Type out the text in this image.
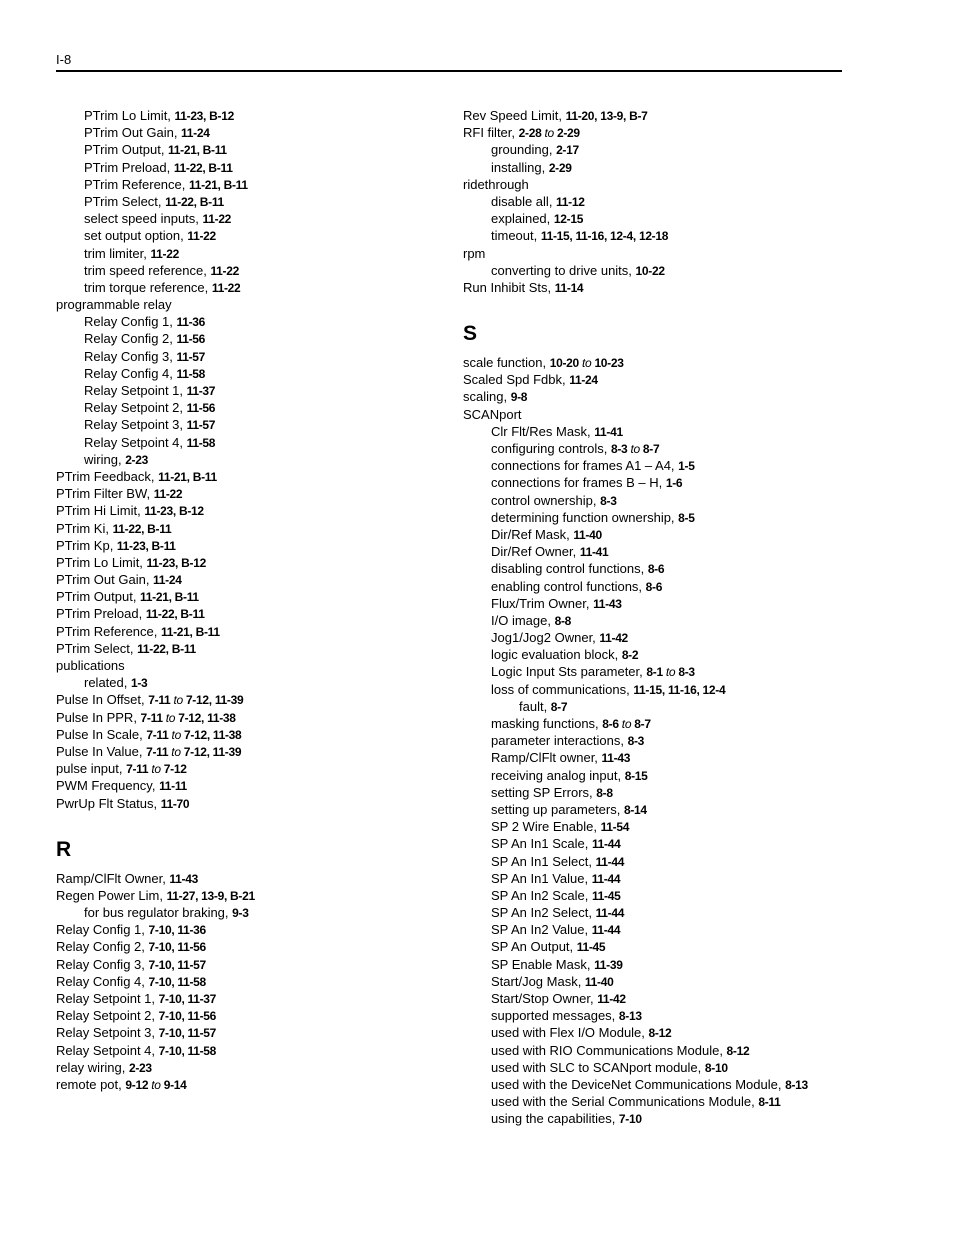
I-8
PTrim Lo Limit, 11-23, B-12
PTrim Out Gain, 11-24
PTrim Output, 11-21, B-11
PTrim Preload, 11-22, B-11
PTrim Reference, 11-21, B-11
PTrim Select, 11-22, B-11
select speed inputs, 11-22
set output option, 11-22
trim limiter, 11-22
trim speed reference, 11-22
trim torque reference, 11-22
programmable relay
Relay Config 1, 11-36
Relay Config 2, 11-56
Relay Config 3, 11-57
Relay Config 4, 11-58
Relay Setpoint 1, 11-37
Relay Setpoint 2, 11-56
Relay Setpoint 3, 11-57
Relay Setpoint 4, 11-58
wiring, 2-23
PTrim Feedback, 11-21, B-11
PTrim Filter BW, 11-22
PTrim Hi Limit, 11-23, B-12
PTrim Ki, 11-22, B-11
PTrim Kp, 11-23, B-11
PTrim Lo Limit, 11-23, B-12
PTrim Out Gain, 11-24
PTrim Output, 11-21, B-11
PTrim Preload, 11-22, B-11
PTrim Reference, 11-21, B-11
PTrim Select, 11-22, B-11
publications
related, 1-3
Pulse In Offset, 7-11 to 7-12, 11-39
Pulse In PPR, 7-11 to 7-12, 11-38
Pulse In Scale, 7-11 to 7-12, 11-38
Pulse In Value, 7-11 to 7-12, 11-39
pulse input, 7-11 to 7-12
PWM Frequency, 11-11
PwrUp Flt Status, 11-70
R
Ramp/ClFlt Owner, 11-43
Regen Power Lim, 11-27, 13-9, B-21
for bus regulator braking, 9-3
Relay Config 1, 7-10, 11-36
Relay Config 2, 7-10, 11-56
Relay Config 3, 7-10, 11-57
Relay Config 4, 7-10, 11-58
Relay Setpoint 1, 7-10, 11-37
Relay Setpoint 2, 7-10, 11-56
Relay Setpoint 3, 7-10, 11-57
Relay Setpoint 4, 7-10, 11-58
relay wiring, 2-23
remote pot, 9-12 to 9-14
Rev Speed Limit, 11-20, 13-9, B-7
RFI filter, 2-28 to 2-29
grounding, 2-17
installing, 2-29
ridethrough
disable all, 11-12
explained, 12-15
timeout, 11-15, 11-16, 12-4, 12-18
rpm
converting to drive units, 10-22
Run Inhibit Sts, 11-14
S
scale function, 10-20 to 10-23
Scaled Spd Fdbk, 11-24
scaling, 9-8
SCANport
Clr Flt/Res Mask, 11-41
configuring controls, 8-3 to 8-7
connections for frames A1 – A4, 1-5
connections for frames B – H, 1-6
control ownership, 8-3
determining function ownership, 8-5
Dir/Ref Mask, 11-40
Dir/Ref Owner, 11-41
disabling control functions, 8-6
enabling control functions, 8-6
Flux/Trim Owner, 11-43
I/O image, 8-8
Jog1/Jog2 Owner, 11-42
logic evaluation block, 8-2
Logic Input Sts parameter, 8-1 to 8-3
loss of communications, 11-15, 11-16, 12-4
fault, 8-7
masking functions, 8-6 to 8-7
parameter interactions, 8-3
Ramp/ClFlt owner, 11-43
receiving analog input, 8-15
setting SP Errors, 8-8
setting up parameters, 8-14
SP 2 Wire Enable, 11-54
SP An In1 Scale, 11-44
SP An In1 Select, 11-44
SP An In1 Value, 11-44
SP An In2 Scale, 11-45
SP An In2 Select, 11-44
SP An In2 Value, 11-44
SP An Output, 11-45
SP Enable Mask, 11-39
Start/Jog Mask, 11-40
Start/Stop Owner, 11-42
supported messages, 8-13
used with Flex I/O Module, 8-12
used with RIO Communications Module, 8-12
used with SLC to SCANport module, 8-10
used with the DeviceNet Communications Module, 8-13
used with the Serial Communications Module, 8-11
using the capabilities, 7-10
